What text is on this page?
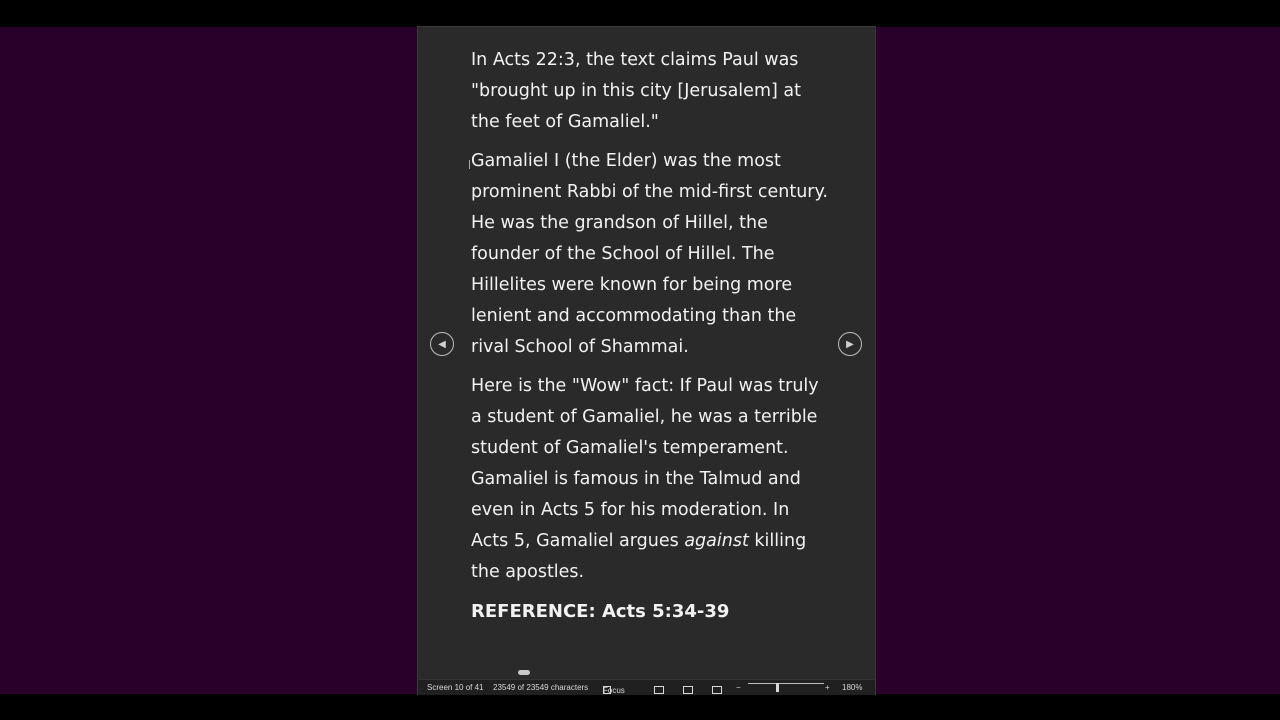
In Acts 22:3, the text claims Paul was "brought up in this city [Jerusalem] at the feet of Gamaliel."

Gamaliel I (the Elder) was the most prominent Rabbi of the mid-first century. He was the grandson of Hillel, the founder of the School of Hillel. The Hillelites were known for being more lenient and accommodating than the rival School of Shammai.

Here is the "Wow" fact: If Paul was truly a student of Gamaliel, he was a terrible student of Gamaliel's temperament. Gamaliel is famous in the Talmud and even in Acts 5 for his moderation. In Acts 5, Gamaliel argues against killing the apostles.

REFERENCE: Acts 5:34-39

◀	▶
Screen 10 of 41 23549 of 23549 characters Focus	−	+ 180%
